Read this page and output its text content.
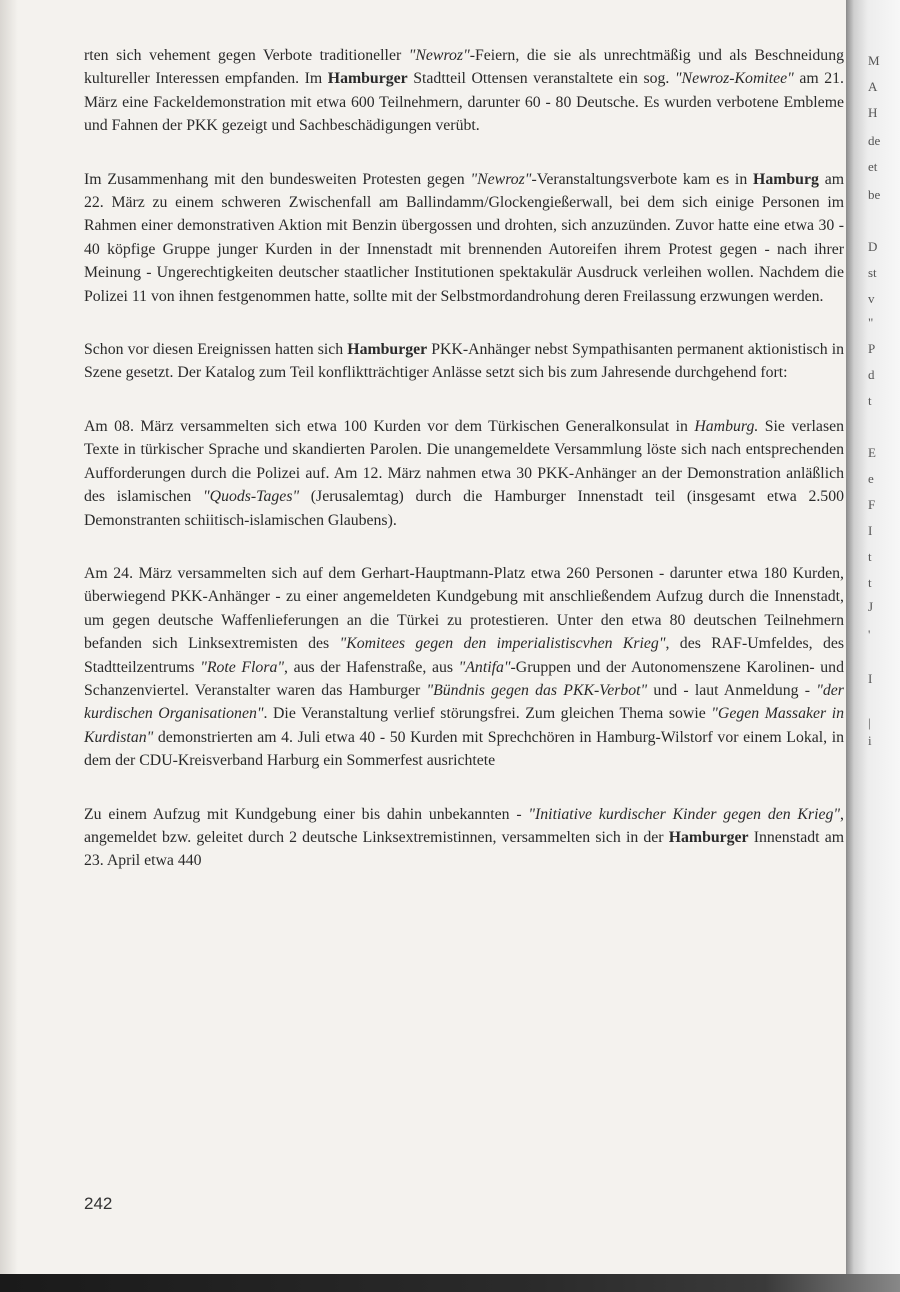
rten sich vehement gegen Verbote traditioneller "Newroz"-Feiern, die sie als unrechtmäßig und als Beschneidung kultureller Interessen empfanden. Im Hamburger Stadtteil Ottensen veranstaltete ein sog. "Newroz-Komitee" am 21. März eine Fackeldemonstration mit etwa 600 Teilnehmern, darunter 60 - 80 Deutsche. Es wurden verbotene Embleme und Fahnen der PKK gezeigt und Sachbeschädigungen verübt.

Im Zusammenhang mit den bundesweiten Protesten gegen "Newroz"-Veranstaltungsverbote kam es in Hamburg am 22. März zu einem schweren Zwischenfall am Ballindamm/Glockengießerwall, bei dem sich einige Personen im Rahmen einer demonstrativen Aktion mit Benzin übergossen und drohten, sich anzuzünden. Zuvor hatte eine etwa 30 - 40 köpfige Gruppe junger Kurden in der Innenstadt mit brennenden Autoreifen ihrem Protest gegen - nach ihrer Meinung - Ungerechtigkeiten deutscher staatlicher Institutionen spektakulär Ausdruck verleihen wollen. Nachdem die Polizei 11 von ihnen festgenommen hatte, sollte mit der Selbstmordandrohung deren Freilassung erzwungen werden.

Schon vor diesen Ereignissen hatten sich Hamburger PKK-Anhänger nebst Sympathisanten permanent aktionistisch in Szene gesetzt. Der Katalog zum Teil konfliktträchtiger Anlässe setzt sich bis zum Jahresende durchgehend fort:

Am 08. März versammelten sich etwa 100 Kurden vor dem Türkischen Generalkonsulat in Hamburg. Sie verlasen Texte in türkischer Sprache und skandierten Parolen. Die unangemeldete Versammlung löste sich nach entsprechenden Aufforderungen durch die Polizei auf. Am 12. März nahmen etwa 30 PKK-Anhänger an der Demonstration anläßlich des islamischen "Quods-Tages" (Jerusalemtag) durch die Hamburger Innenstadt teil (insgesamt etwa 2.500 Demonstranten schiitisch-islamischen Glaubens).

Am 24. März versammelten sich auf dem Gerhart-Hauptmann-Platz etwa 260 Personen - darunter etwa 180 Kurden, überwiegend PKK-Anhänger - zu einer angemeldeten Kundgebung mit anschließendem Aufzug durch die Innenstadt, um gegen deutsche Waffenlieferungen an die Türkei zu protestieren. Unter den etwa 80 deutschen Teilnehmern befanden sich Linksextremisten des "Komitees gegen den imperialistiscvhen Krieg", des RAF-Umfeldes, des Stadtteilzentrums "Rote Flora", aus der Hafenstraße, aus "Antifa"-Gruppen und der Autonomenszene Karolinen- und Schanzenviertel. Veranstalter waren das Hamburger "Bündnis gegen das PKK-Verbot" und - laut Anmeldung - "der kurdischen Organisationen". Die Veranstaltung verlief störungsfrei. Zum gleichen Thema sowie "Gegen Massaker in Kurdistan" demonstrierten am 4. Juli etwa 40 - 50 Kurden mit Sprechchören in Hamburg-Wilstorf vor einem Lokal, in dem der CDU-Kreisverband Harburg ein Sommerfest ausrichtete

Zu einem Aufzug mit Kundgebung einer bis dahin unbekannten - "Initiative kurdischer Kinder gegen den Krieg", angemeldet bzw. geleitet durch 2 deutsche Linksextremistinnen, versammelten sich in der Hamburger Innenstadt am 23. April etwa 440

242
M
A
H
de
et
be
D
st
v
"
P
d
t
E
e
F
I
t
t
J
'
I
|
i
